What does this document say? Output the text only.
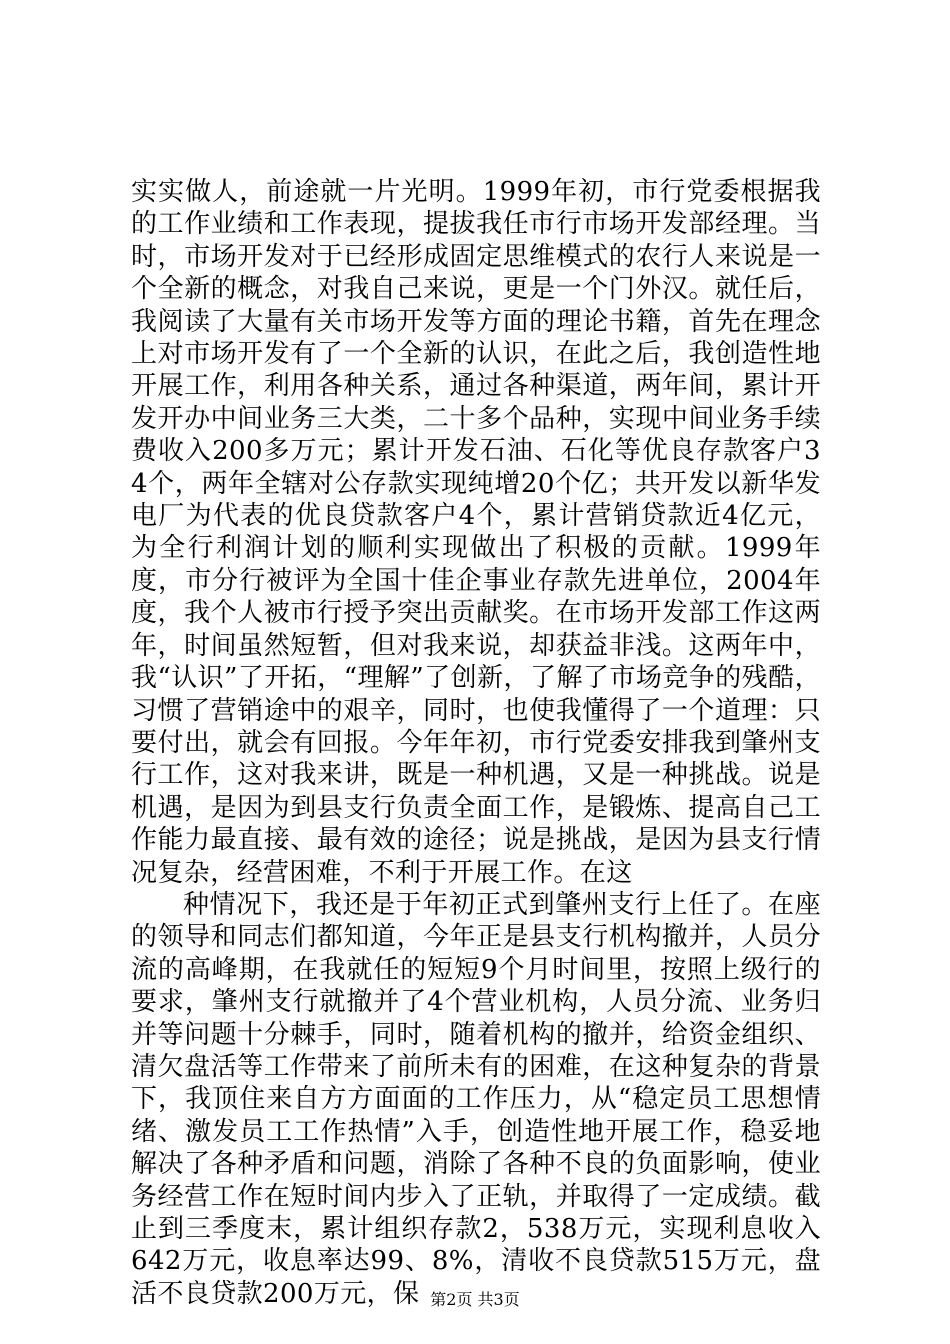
实实做人，前途就一片光明。1999年初，市行党委根据我的工作业绩和工作表现，提拔我任市行市场开发部经理。当时，市场开发对于已经形成固定思维模式的农行人来说是一个全新的概念，对我自己来说，更是一个门外汉。就任后，我阅读了大量有关市场开发等方面的理论书籍，首先在理念上对市场开发有了一个全新的认识，在此之后，我创造性地开展工作，利用各种关系，通过各种渠道，两年间，累计开发开办中间业务三大类，二十多个品种，实现中间业务手续费收入200多万元；累计开发石油、石化等优良存款客户34个，两年全辖对公存款实现纯增20个亿；共开发以新华发电厂为代表的优良贷款客户4个，累计营销贷款近4亿元，为全行利润计划的顺利实现做出了积极的贡献。1999年度，市分行被评为全国十佳企事业存款先进单位，2004年度，我个人被市行授予突出贡献奖。在市场开发部工作这两年，时间虽然短暂，但对我来说，却获益非浅。这两年中，我“认识”了开拓，“理解”了创新，了解了市场竞争的残酷，习惯了营销途中的艰辛，同时，也使我懂得了一个道理：只要付出，就会有回报。今年年初，市行党委安排我到肇州支行工作，这对我来讲，既是一种机遇，又是一种挑战。说是机遇，是因为到县支行负责全面工作，是锻炼、提高自己工作能力最直接、最有效的途径；说是挑战，是因为县支行情况复杂，经营困难，不利于开展工作。在这

种情况下，我还是于年初正式到肇州支行上任了。在座的领导和同志们都知道，今年正是县支行机构撤并，人员分流的高峰期，在我就任的短短9个月时间里，按照上级行的要求，肇州支行就撤并了4个营业机构，人员分流、业务归并等问题十分棘手，同时，随着机构的撤并，给资金组织、清欠盘活等工作带来了前所未有的困难，在这种复杂的背景下，我顶住来自方方面面的工作压力，从“稳定员工思想情绪、激发员工工作热情”入手，创造性地开展工作，稳妥地解决了各种矛盾和问题，消除了各种不良的负面影响，使业务经营工作在短时间内步入了正轨，并取得了一定成绩。截止到三季度末，累计组织存款2，538万元，实现利息收入642万元，收息率达99、8%，清收不良贷款515万元，盘活不良贷款200万元，保 第2页 共3页
